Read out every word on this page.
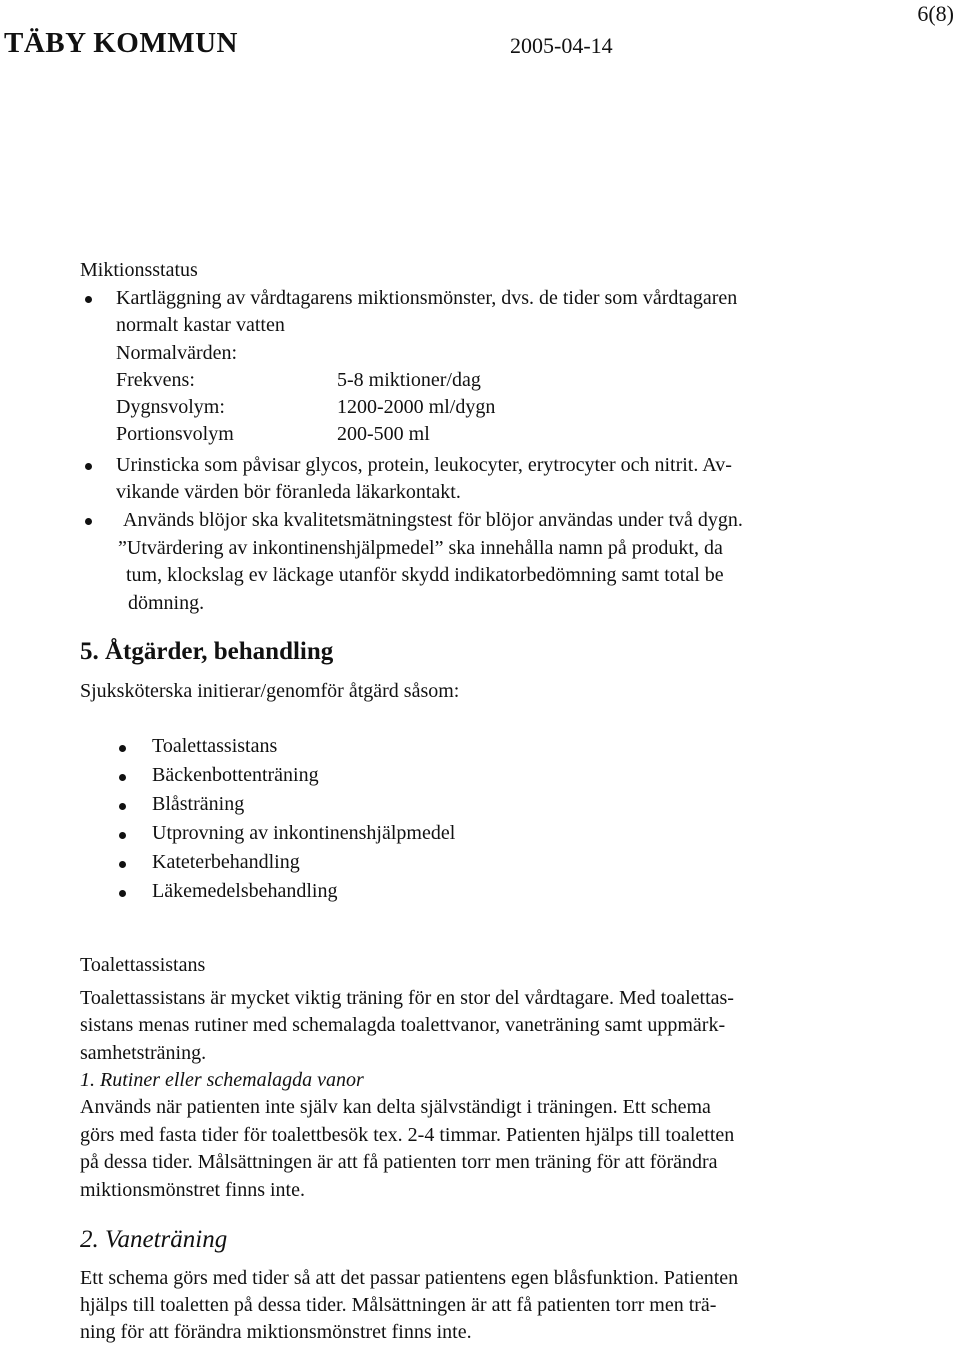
6(8)
TÄBY KOMMUN	2005-04-14
Miktionsstatus
Kartläggning av vårdtagarens miktionsmönster, dvs. de tider som vårdtagaren
normalt kastar vatten
Normalvärden:
Frekvens:	5-8 miktioner/dag
Dygnsvolym:	1200-2000 ml/dygn
Portionsvolym	200-500 ml
Urinsticka som påvisar glycos, protein, leukocyter, erytrocyter och nitrit. Av-
vikande värden bör föranleda läkarkontakt.
Används blöjor ska kvalitetsmätningstest för blöjor användas under två dygn.
”Utvärdering av inkontinenshjälpmedel” ska innehålla namn på produkt, da
tum, klockslag ev läckage utanför skydd indikatorbedömning samt total be
dömning.
5. Åtgärder, behandling
Sjuksköterska initierar/genomför åtgärd såsom:
Toalettassistans
Bäckenbottenträning
Blåsträning
Utprovning av inkontinenshjälpmedel
Kateterbehandling
Läkemedelsbehandling
Toalettassistans
Toalettassistans är mycket viktig träning för en stor del vårdtagare. Med toalettas-
sistans menas rutiner med schemalagda toalettvanor, vaneträning samt uppmärk-
samhetsträning.
1. Rutiner eller schemalagda vanor
Används när patienten inte själv kan delta självständigt i träningen. Ett schema
görs med fasta tider för toalettbesök tex. 2-4 timmar. Patienten hjälps till toaletten
på dessa tider. Målsättningen är att få patienten torr men träning för att förändra
miktionsmönstret finns inte.
2. Vaneträning
Ett schema görs med tider så att det passar patientens egen blåsfunktion. Patienten
hjälps till toaletten på dessa tider. Målsättningen är att få patienten torr men trä-
ning för att förändra miktionsmönstret finns inte.
